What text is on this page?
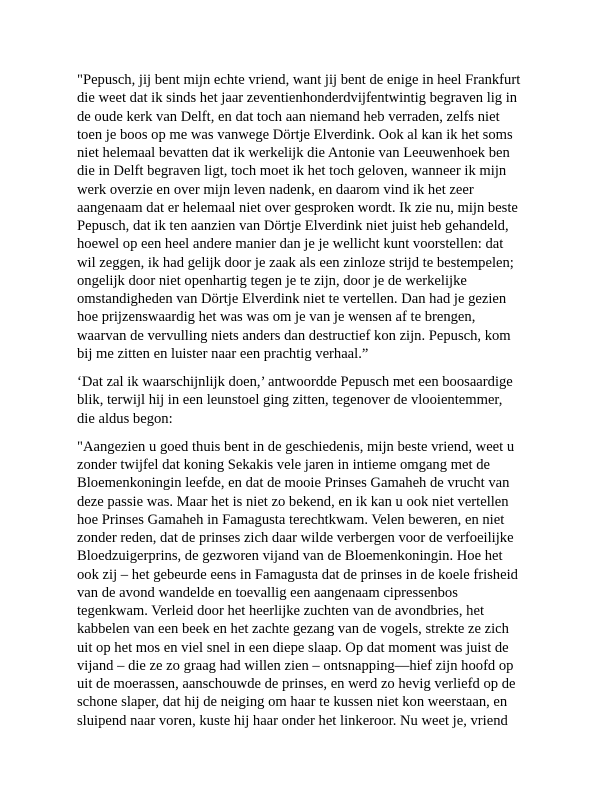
"Pepusch, jij bent mijn echte vriend, want jij bent de enige in heel Frankfurt
die weet dat ik sinds het jaar zeventienhonderdvijfentwintig begraven lig in
de oude kerk van Delft, en dat toch aan niemand heb verraden, zelfs niet
toen je boos op me was vanwege Dörtje Elverdink. Ook al kan ik het soms
niet helemaal bevatten dat ik werkelijk die Antonie van Leeuwenhoek ben
die in Delft begraven ligt, toch moet ik het toch geloven, wanneer ik mijn
werk overzie en over mijn leven nadenk, en daarom vind ik het zeer
aangenaam dat er helemaal niet over gesproken wordt. Ik zie nu, mijn beste
Pepusch, dat ik ten aanzien van Dörtje Elverdink niet juist heb gehandeld,
hoewel op een heel andere manier dan je je wellicht kunt voorstellen: dat
wil zeggen, ik had gelijk door je zaak als een zinloze strijd te bestempelen;
ongelijk door niet openhartig tegen je te zijn, door je de werkelijke
omstandigheden van Dörtje Elverdink niet te vertellen. Dan had je gezien
hoe prijzenswaardig het was was om je van je wensen af te brengen,
waarvan de vervulling niets anders dan destructief kon zijn. Pepusch, kom
bij me zitten en luister naar een prachtig verhaal.”

‘Dat zal ik waarschijnlijk doen,’ antwoordde Pepusch met een boosaardige
blik, terwijl hij in een leunstoel ging zitten, tegenover de vlooientemmer,
die aldus begon:

"Aangezien u goed thuis bent in de geschiedenis, mijn beste vriend, weet u
zonder twijfel dat koning Sekakis vele jaren in intieme omgang met de
Bloemenkoningin leefde, en dat de mooie Prinses Gamaheh de vrucht van
deze passie was. Maar het is niet zo bekend, en ik kan u ook niet vertellen
hoe Prinses Gamaheh in Famagusta terechtkwam. Velen beweren, en niet
zonder reden, dat de prinses zich daar wilde verbergen voor de verfoeilijke
Bloedzuigerprins, de gezworen vijand van de Bloemenkoningin. Hoe het
ook zij – het gebeurde eens in Famagusta dat de prinses in de koele frisheid
van de avond wandelde en toevallig een aangenaam cipressenbos
tegenkwam. Verleid door het heerlijke zuchten van de avondbries, het
kabbelen van een beek en het zachte gezang van de vogels, strekte ze zich
uit op het mos en viel snel in een diepe slaap. Op dat moment was juist de
vijand – die ze zo graag had willen zien – ontsnapping—hief zijn hoofd op
uit de moerassen, aanschouwde de prinses, en werd zo hevig verliefd op de
schone slaper, dat hij de neiging om haar te kussen niet kon weerstaan, en
sluipend naar voren, kuste hij haar onder het linkeroor. Nu weet je, vriend
